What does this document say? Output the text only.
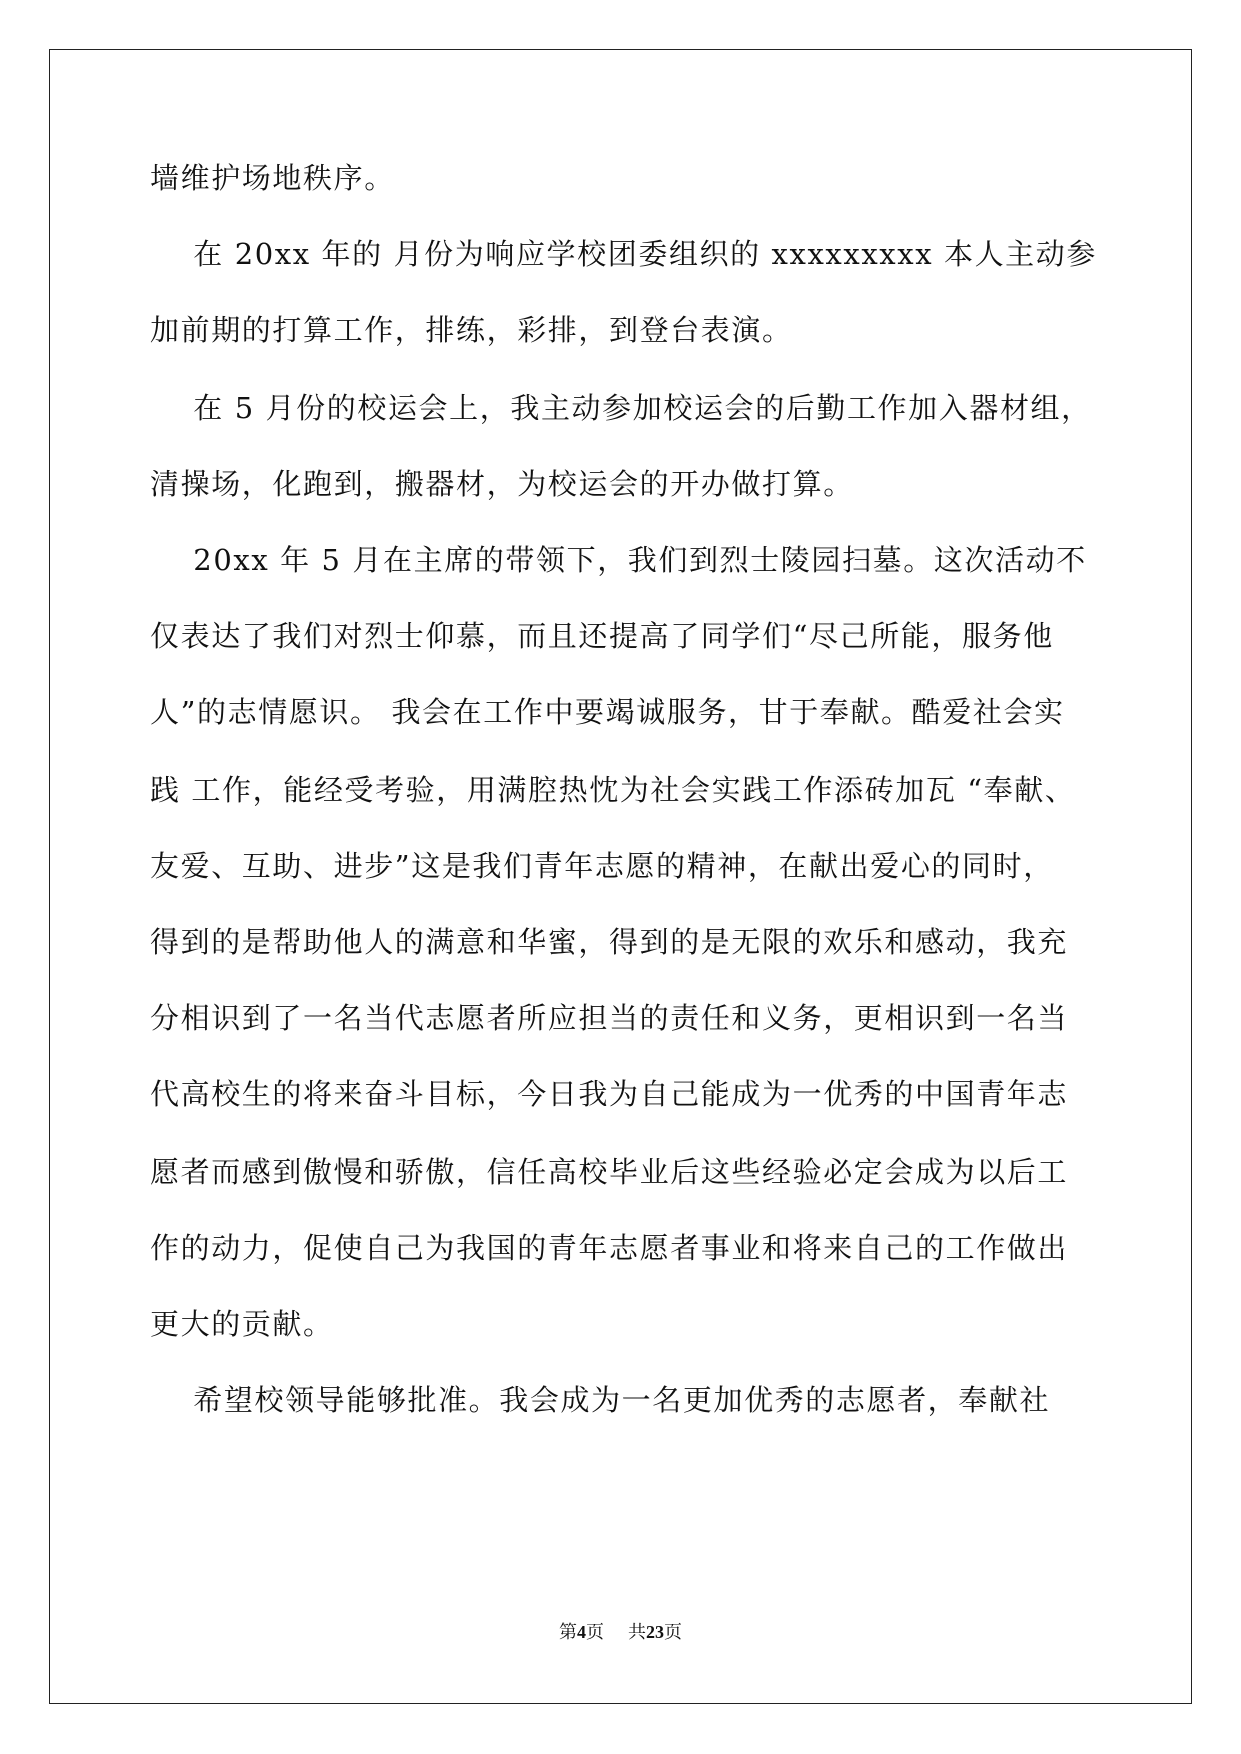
墙维护场地秩序。
在 20xx 年的 月份为响应学校团委组织的 xxxxxxxxx 本人主动参
加前期的打算工作，排练，彩排，到登台表演。
在 5 月份的校运会上，我主动参加校运会的后勤工作加入器材组，
清操场，化跑到，搬器材，为校运会的开办做打算。
20xx 年 5 月在主席的带领下，我们到烈士陵园扫墓。这次活动不
仅表达了我们对烈士仰慕，而且还提高了同学们“尽己所能，服务他
人”的志情愿识。 我会在工作中要竭诚服务，甘于奉献。酷爱社会实
践 工作，能经受考验，用满腔热忱为社会实践工作添砖加瓦 “奉献、
友爱、互助、进步”这是我们青年志愿的精神，在献出爱心的同时，
得到的是帮助他人的满意和华蜜，得到的是无限的欢乐和感动，我充
分相识到了一名当代志愿者所应担当的责任和义务，更相识到一名当
代高校生的将来奋斗目标，今日我为自己能成为一优秀的中国青年志
愿者而感到傲慢和骄傲，信任高校毕业后这些经验必定会成为以后工
作的动力，促使自己为我国的青年志愿者事业和将来自己的工作做出
更大的贡献。
希望校领导能够批准。我会成为一名更加优秀的志愿者，奉献社
第4页 共23页
